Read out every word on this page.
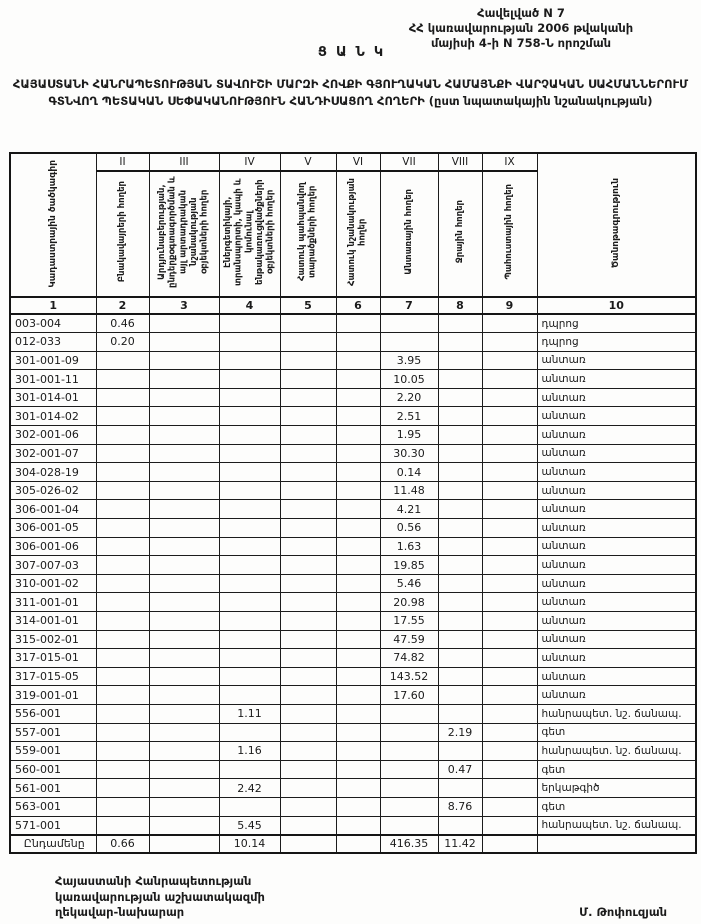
Հավելված N 7
ՀՀ կառավարության 2006 թվականի
մայիսի 4-ի N 758-Ն որոշման
ՑԱՆԿ
ՀԱՅԱՍՏԱՆԻ ՀԱՆՐԱՊԵՏՈՒԹՅԱՆ ՏԱՎՈՒՇԻ ՄԱՐԶԻ ՀՈՎՔԻ ԳՅՈՒՂԱԿԱՆ ՀԱՄԱՅՆՔԻ ՎԱՐՉԱԿԱՆ ՍԱՀՄԱՆՆԵՐՈՒՄ ԳՏՆՎՈՂ ՊԵՏԱԿԱՆ ՍԵՓԱԿԱՆՈՒԹՅՈՒՆ ՀԱՆԴԻՍԱՑՈՂ ՀՈՂԵՐԻ (ըստ նպատակային նշանակության)
Կադաստրային ծածկագիր	II	III	IV	V	VI	VII	VIII	IX	Ծանոթագրություն
	Բնակավայրերի հողեր	Արդյունաբերության, ընդերքօգտագործման և այլ արտադրական նշանակության օբյեկտների հողեր	Էներգետիկայի, տրանսպորտի, կապի և կոմունալ ենթակառուցվածքների օբյեկտների հողեր	Հատուկ պահպանվող տարածքների հողեր	Հատուկ նշանակության հողեր	Անտառային հողեր	Ջրային հողեր	Պահուստային հողեր	
1	2	3	4	5	6	7	8	9	10
003-004	0.46								դպրոց
012-033	0.20								դպրոց
301-001-09						3.95			անտառ
301-001-11						10.05			անտառ
301-014-01						2.20			անտառ
301-014-02						2.51			անտառ
302-001-06						1.95			անտառ
302-001-07						30.30			անտառ
304-028-19						0.14			անտառ
305-026-02						11.48			անտառ
306-001-04						4.21			անտառ
306-001-05						0.56			անտառ
306-001-06						1.63			անտառ
307-007-03						19.85			անտառ
310-001-02						5.46			անտառ
311-001-01						20.98			անտառ
314-001-01						17.55			անտառ
315-002-01						47.59			անտառ
317-015-01						74.82			անտառ
317-015-05						143.52			անտառ
319-001-01						17.60			անտառ
556-001			1.11						հանրապետ. նշ. ճանապ.
557-001							2.19		գետ
559-001			1.16						հանրապետ. նշ. ճանապ.
560-001							0.47		գետ
561-001			2.42						երկաթգիծ
563-001							8.76		գետ
571-001			5.45						հանրապետ. նշ. ճանապ.
Ընդամենը	0.66		10.14			416.35	11.42		
Հայաստանի Հանրապետության
կառավարության աշխատակազմի
ղեկավար-նախարար	Մ. Թոփուզյան
